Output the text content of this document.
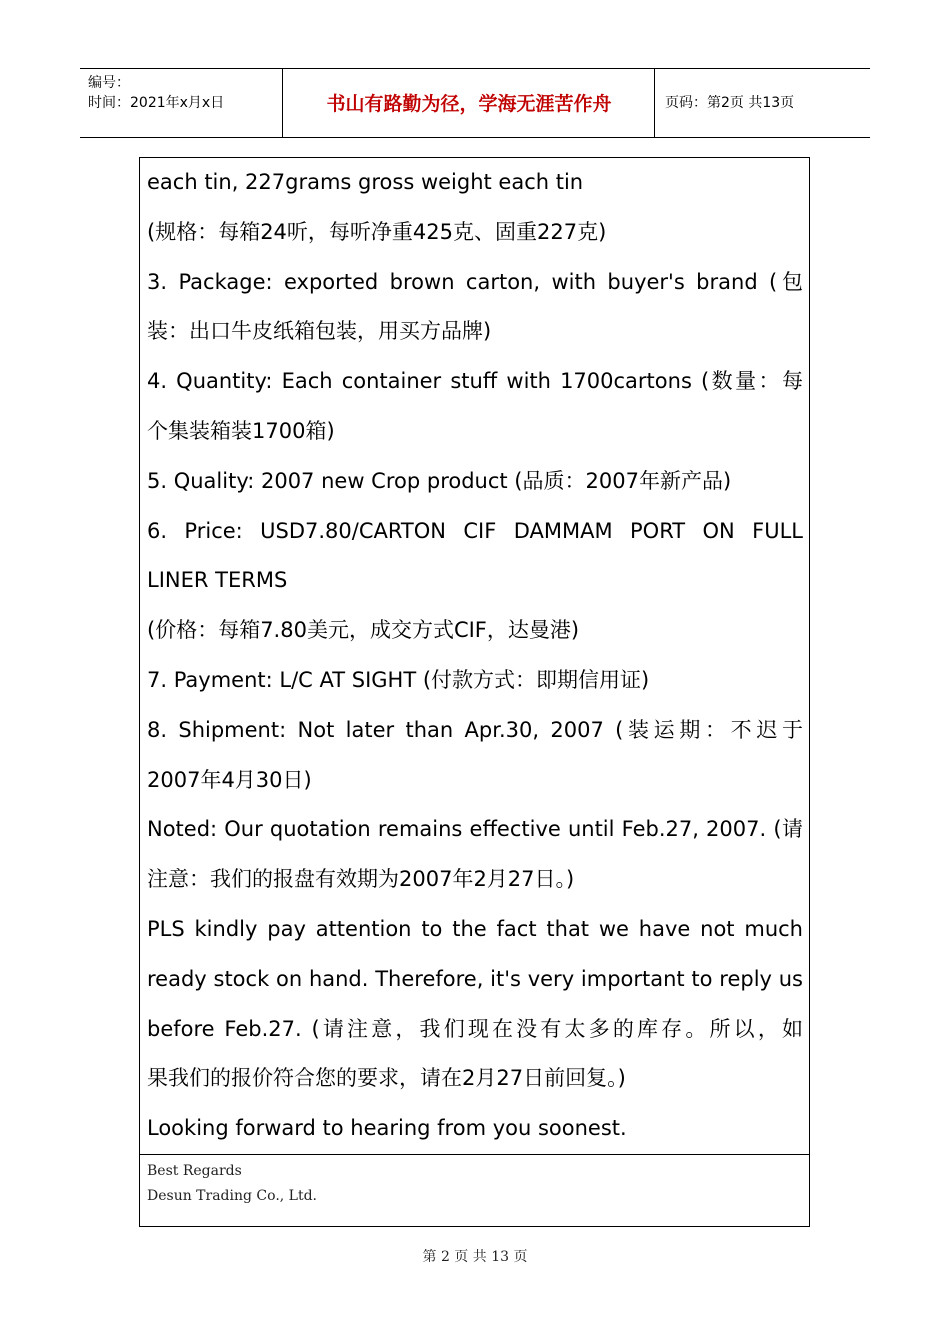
编号：
时间：2021年x月x日	书山有路勤为径，学海无涯苦作舟	页码：第2页 共13页
each tin, 227grams gross weight each tin
(规格：每箱24听，每听净重425克、固重227克)
3. Package: exported brown carton, with buyer's brand (包
装：出口牛皮纸箱包装，用买方品牌)
4. Quantity: Each container stuff with 1700cartons (数量：每
个集装箱装1700箱)
5. Quality: 2007 new Crop product (品质：2007年新产品)
6. Price: USD7.80/CARTON CIF DAMMAM PORT ON FULL
LINER TERMS
(价格：每箱7.80美元，成交方式CIF，达曼港)
7. Payment: L/C AT SIGHT (付款方式：即期信用证)
8. Shipment: Not later than Apr.30, 2007 (装运期：不迟于
2007年4月30日)
Noted: Our quotation remains effective until Feb.27, 2007. (请
注意：我们的报盘有效期为2007年2月27日。)
PLS kindly pay attention to the fact that we have not much
ready stock on hand. Therefore, it's very important to reply us
before Feb.27. (请注意，我们现在没有太多的库存。所以，如
果我们的报价符合您的要求，请在2月27日前回复。)
Looking forward to hearing from you soonest.
Best Regards
Desun Trading Co., Ltd.
第 2 页 共 13 页
